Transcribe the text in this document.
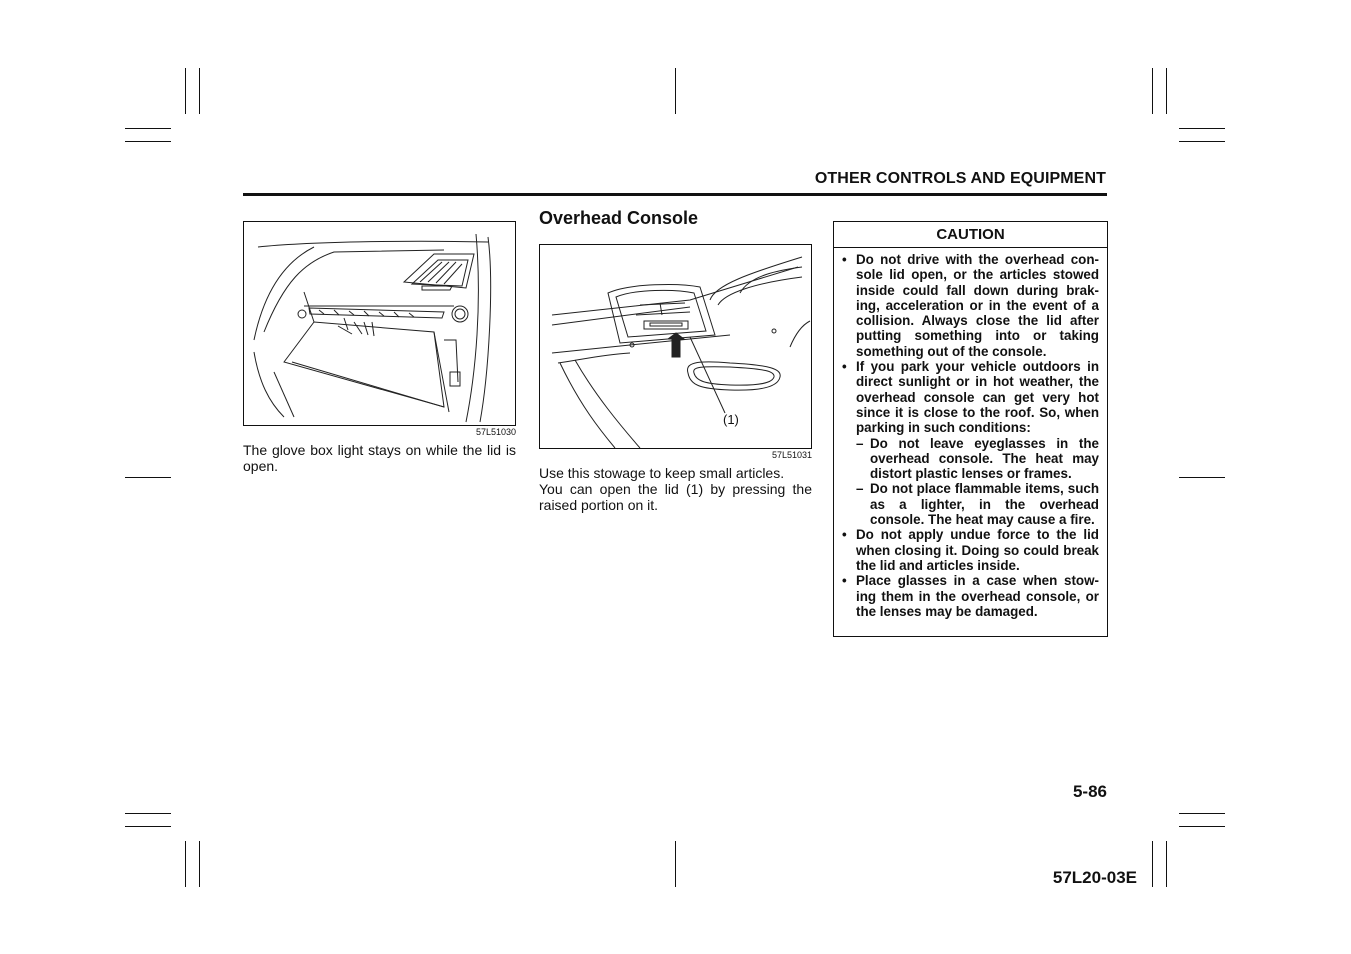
OTHER CONTROLS AND EQUIPMENT
57L51030
The glove box light stays on while the lid is open.
Overhead Console
(1)
57L51031
Use this stowage to keep small articles.
You can open the lid (1) by pressing the raised portion on it.
CAUTION
• Do not drive with the overhead con-sole lid open, or the articles stowed inside could fall down during brak-ing, acceleration or in the event of a collision. Always close the lid after putting something into or taking something out of the console.
• If you park your vehicle outdoors in direct sunlight or in hot weather, the overhead console can get very hot since it is close to the roof. So, when parking in such conditions:
– Do not leave eyeglasses in the overhead console. The heat may distort plastic lenses or frames.
– Do not place flammable items, such as a lighter, in the overhead console. The heat may cause a fire.
• Do not apply undue force to the lid when closing it. Doing so could break the lid and articles inside.
• Place glasses in a case when stow-ing them in the overhead console, or the lenses may be damaged.
5-86
57L20-03E
